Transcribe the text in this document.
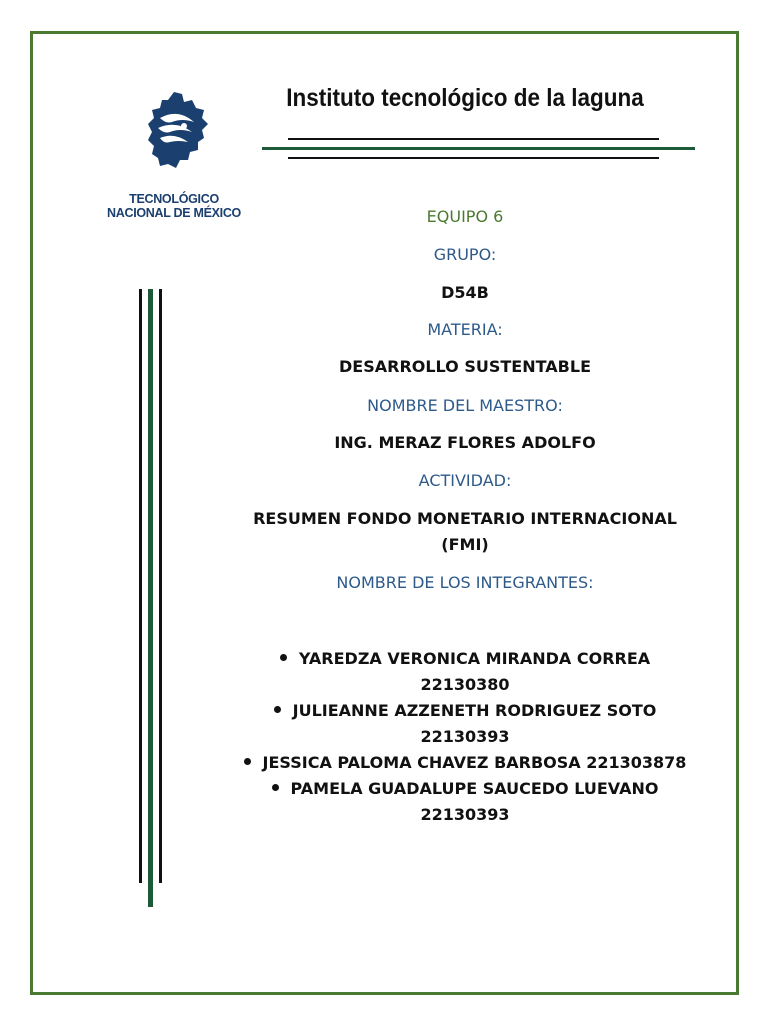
TECNOLÓGICO
NACIONAL DE MÉXICO
Instituto tecnológico de la laguna
EQUIPO 6
GRUPO:
D54B
MATERIA:
DESARROLLO SUSTENTABLE
NOMBRE DEL MAESTRO:
ING. MERAZ FLORES ADOLFO
ACTIVIDAD:
RESUMEN FONDO MONETARIO INTERNACIONAL
(FMI)
NOMBRE DE LOS INTEGRANTES:
YAREDZA VERONICA MIRANDA CORREA
22130380
JULIEANNE AZZENETH RODRIGUEZ SOTO
22130393
JESSICA PALOMA CHAVEZ BARBOSA 221303878
PAMELA GUADALUPE SAUCEDO LUEVANO
22130393
